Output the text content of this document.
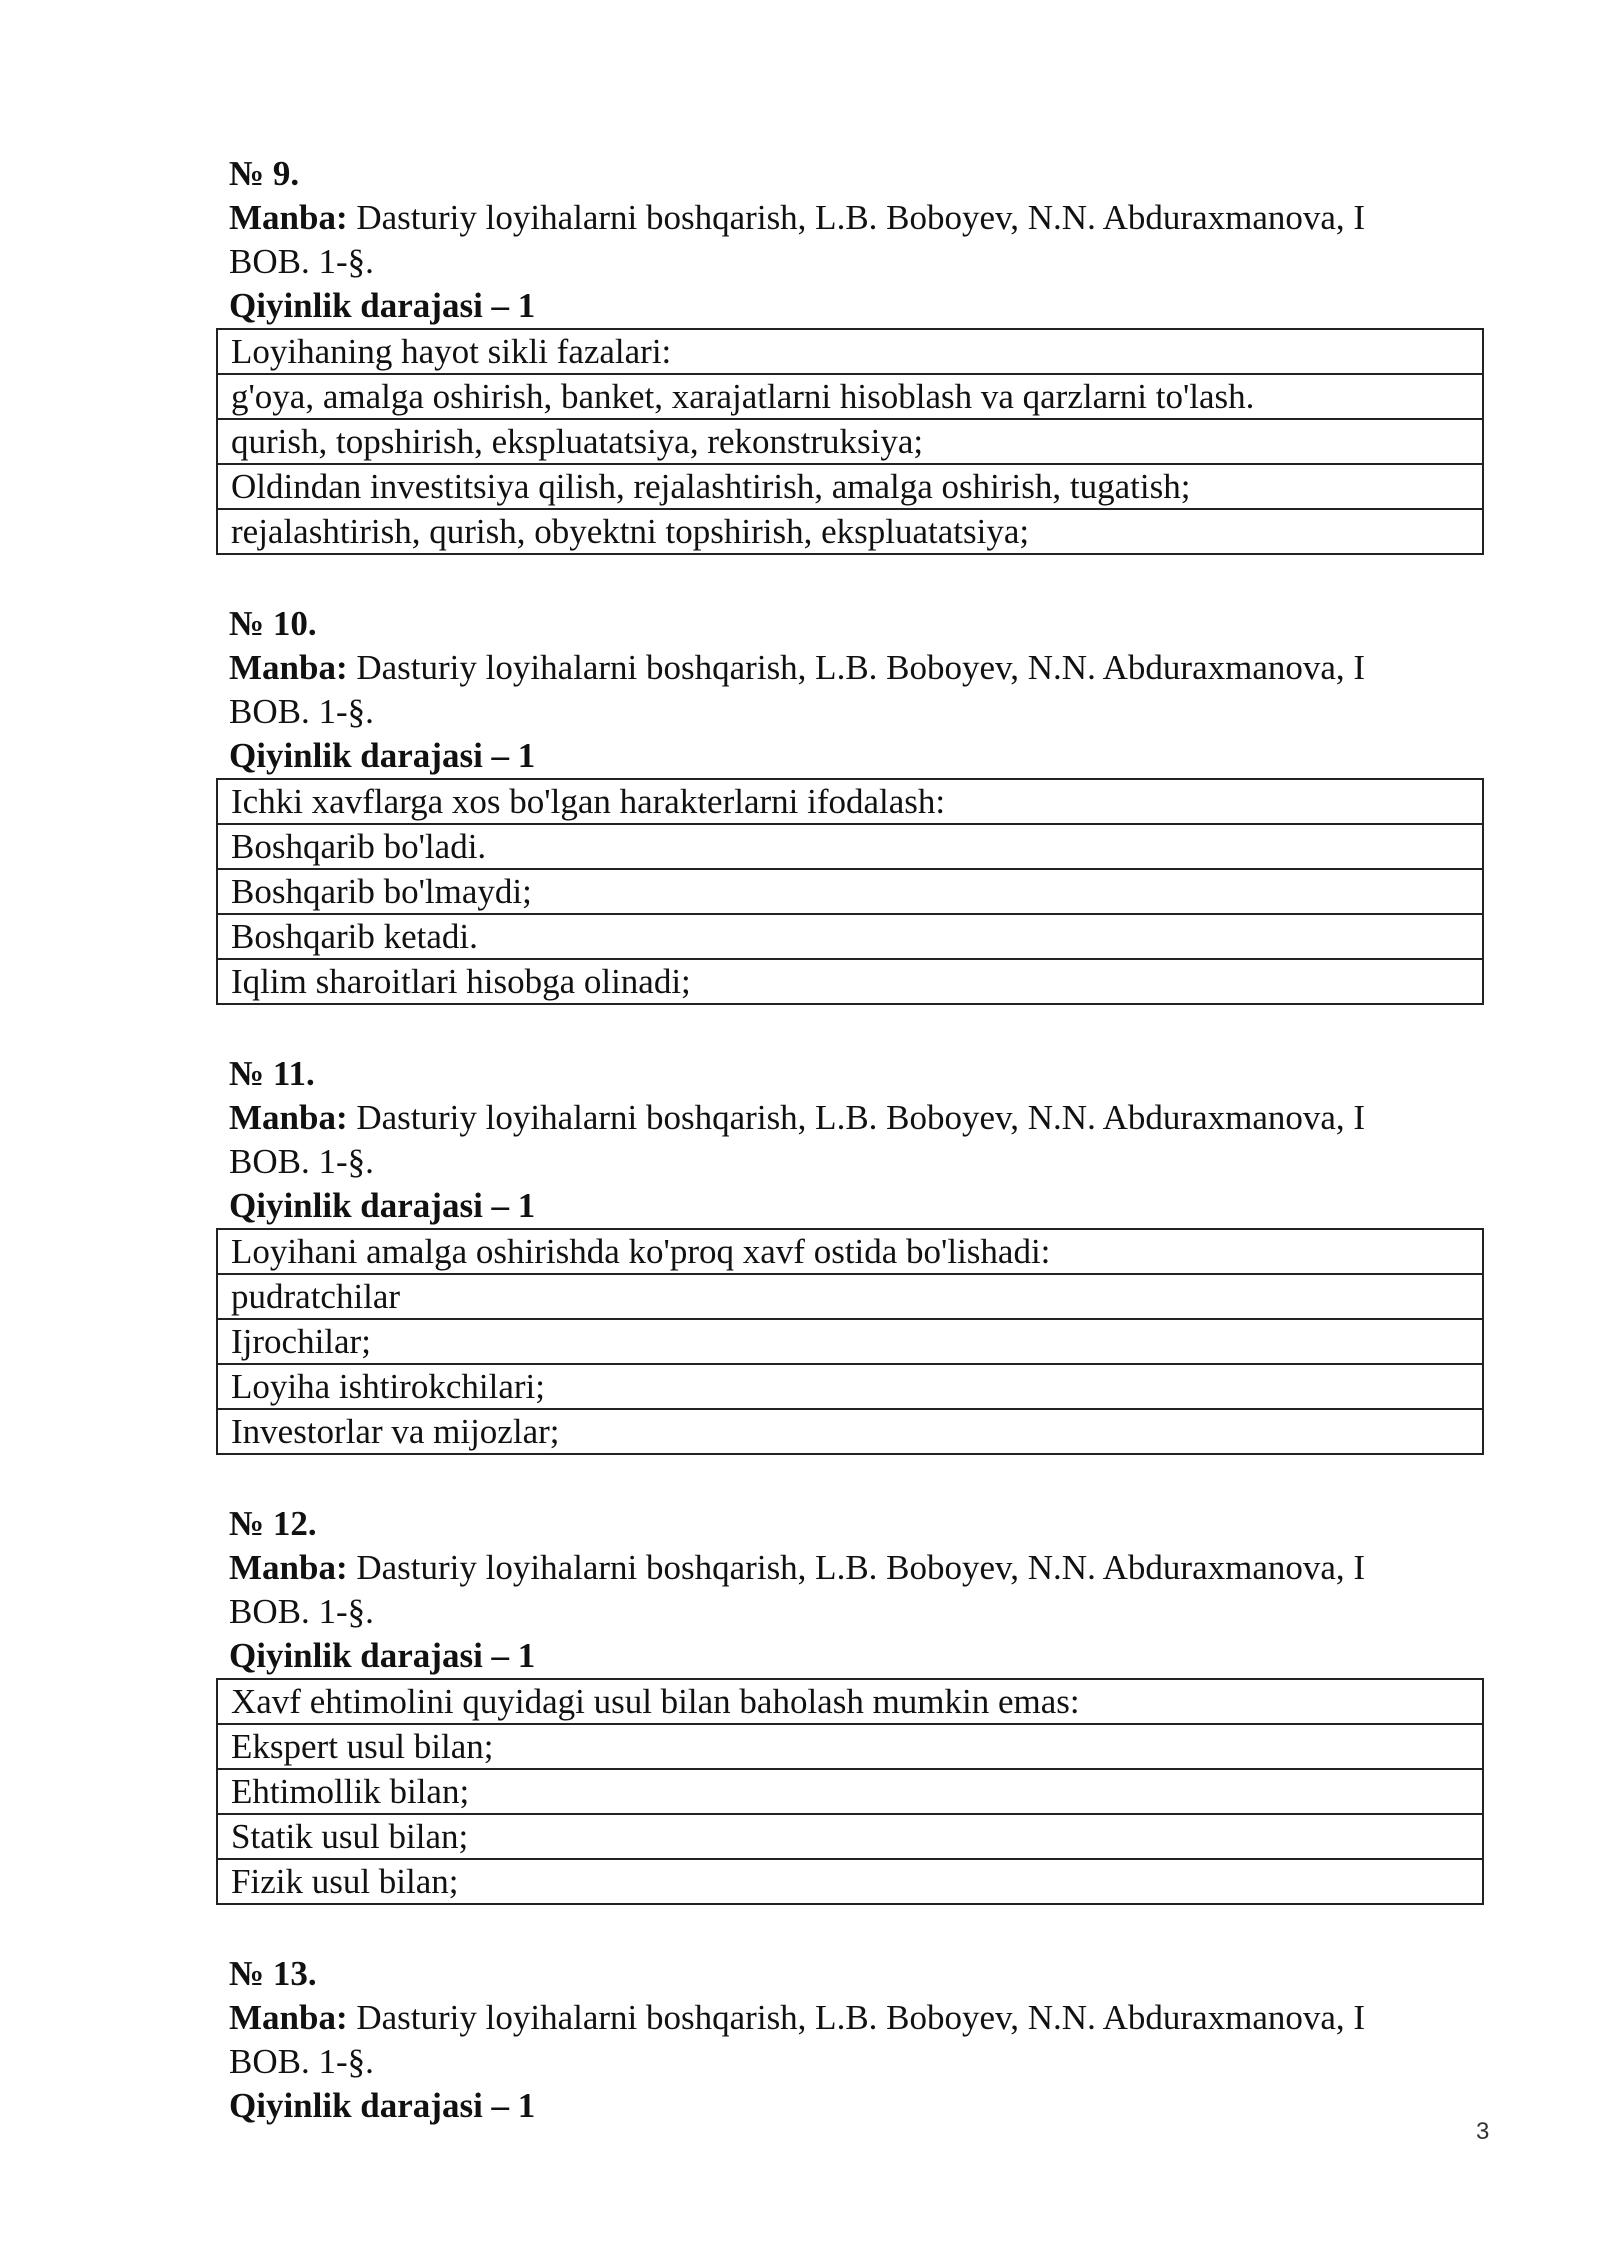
№ 9.
Manba: Dasturiy loyihalarni boshqarish, L.B. Boboyev, N.N. Abduraxmanova, I
BOB. 1-§.
Qiyinlik darajasi – 1
Loyihaning hayot sikli fazalari:
g'oya, amalga oshirish, banket, xarajatlarni hisoblash va qarzlarni to'lash.
qurish, topshirish, ekspluatatsiya, rekonstruksiya;
Oldindan investitsiya qilish, rejalashtirish, amalga oshirish, tugatish;
rejalashtirish, qurish, obyektni topshirish, ekspluatatsiya;
№ 10.
Manba: Dasturiy loyihalarni boshqarish, L.B. Boboyev, N.N. Abduraxmanova, I
BOB. 1-§.
Qiyinlik darajasi – 1
Ichki xavflarga xos bo'lgan harakterlarni ifodalash:
Boshqarib bo'ladi.
Boshqarib bo'lmaydi;
Boshqarib ketadi.
Iqlim sharoitlari hisobga olinadi;
№ 11.
Manba: Dasturiy loyihalarni boshqarish, L.B. Boboyev, N.N. Abduraxmanova, I
BOB. 1-§.
Qiyinlik darajasi – 1
Loyihani amalga oshirishda ko'proq xavf ostida bo'lishadi:
pudratchilar
Ijrochilar;
Loyiha ishtirokchilari;
Investorlar va mijozlar;
№ 12.
Manba: Dasturiy loyihalarni boshqarish, L.B. Boboyev, N.N. Abduraxmanova, I
BOB. 1-§.
Qiyinlik darajasi – 1
Xavf ehtimolini quyidagi usul bilan baholash mumkin emas:
Ekspert usul bilan;
Ehtimollik bilan;
Statik usul bilan;
Fizik usul bilan;
№ 13.
Manba: Dasturiy loyihalarni boshqarish, L.B. Boboyev, N.N. Abduraxmanova, I
BOB. 1-§.
Qiyinlik darajasi – 1
3
